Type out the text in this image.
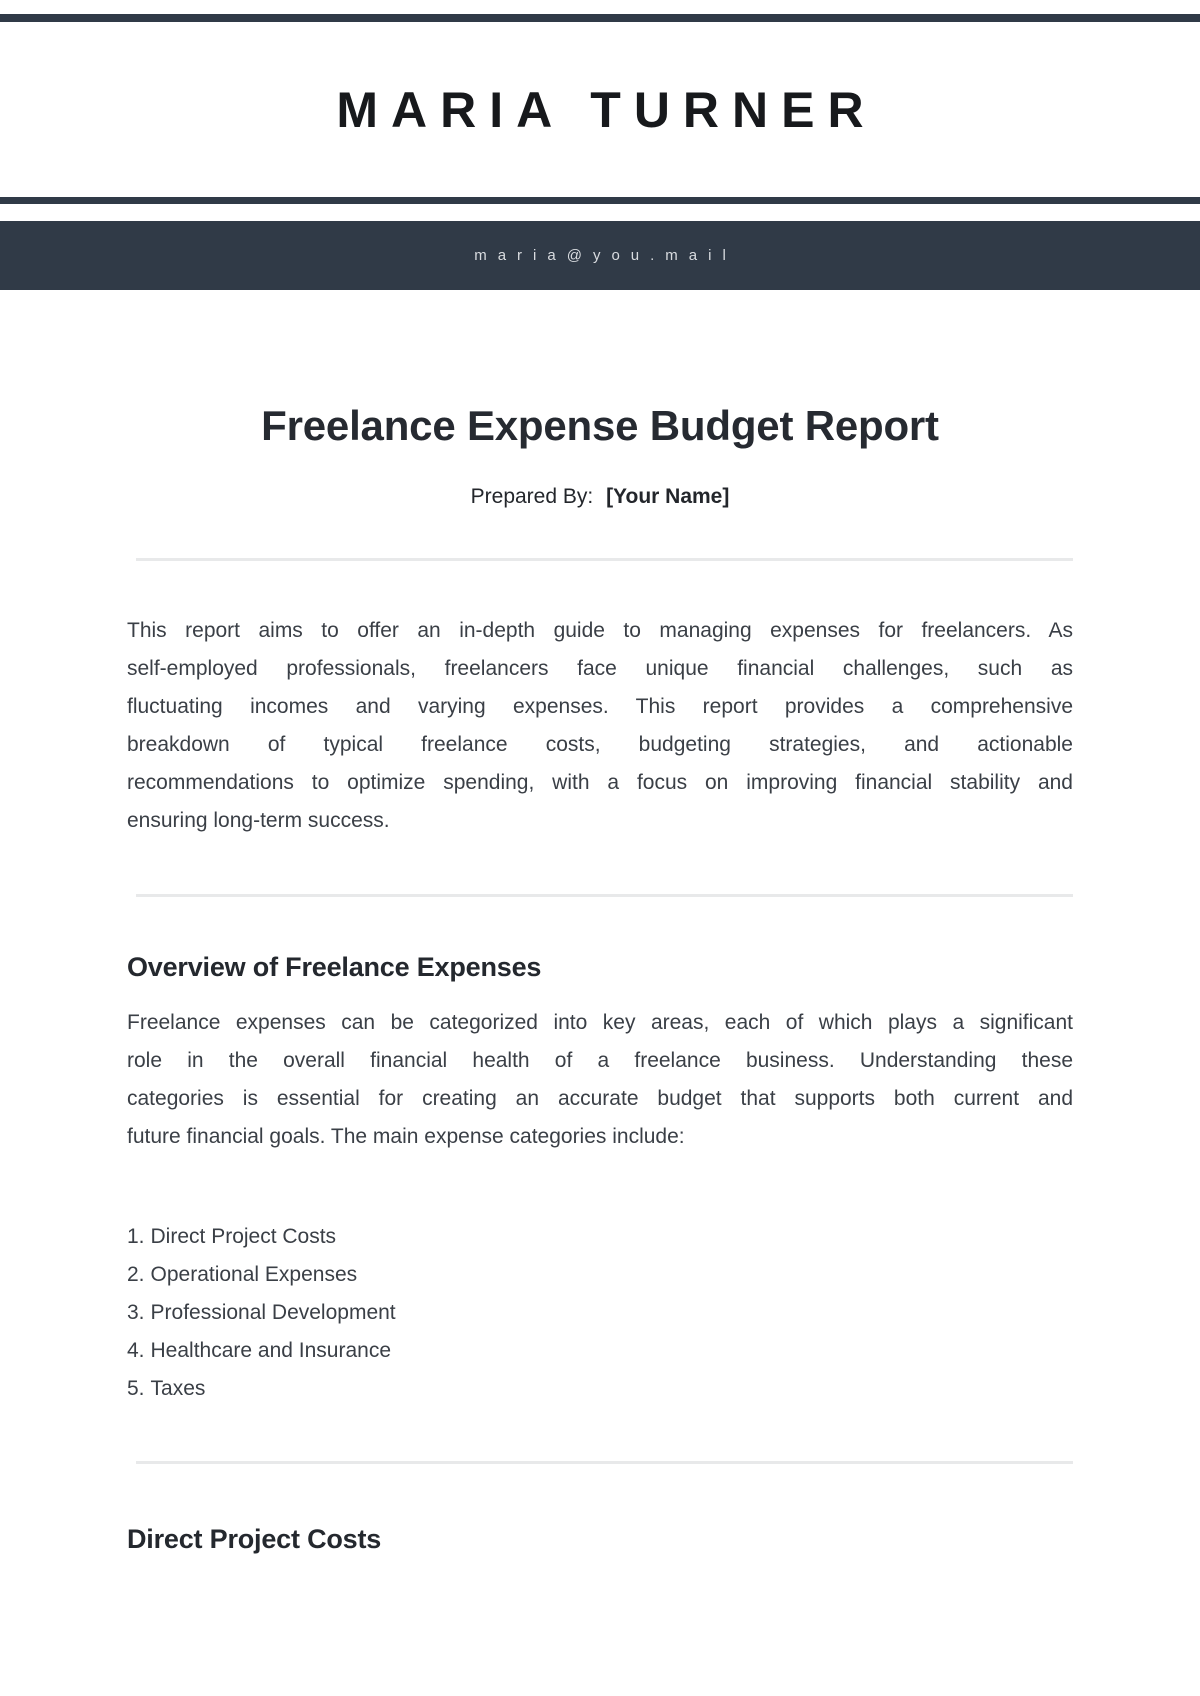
MARIA TURNER
maria@you.mail
Freelance Expense Budget Report
Prepared By: [Your Name]
This report aims to offer an in-depth guide to managing expenses for freelancers. As
self-employed professionals, freelancers face unique financial challenges, such as
fluctuating incomes and varying expenses. This report provides a comprehensive
breakdown of typical freelance costs, budgeting strategies, and actionable
recommendations to optimize spending, with a focus on improving financial stability and
ensuring long-term success.
Overview of Freelance Expenses
Freelance expenses can be categorized into key areas, each of which plays a significant
role in the overall financial health of a freelance business. Understanding these
categories is essential for creating an accurate budget that supports both current and
future financial goals. The main expense categories include:
1. Direct Project Costs
2. Operational Expenses
3. Professional Development
4. Healthcare and Insurance
5. Taxes
Direct Project Costs
